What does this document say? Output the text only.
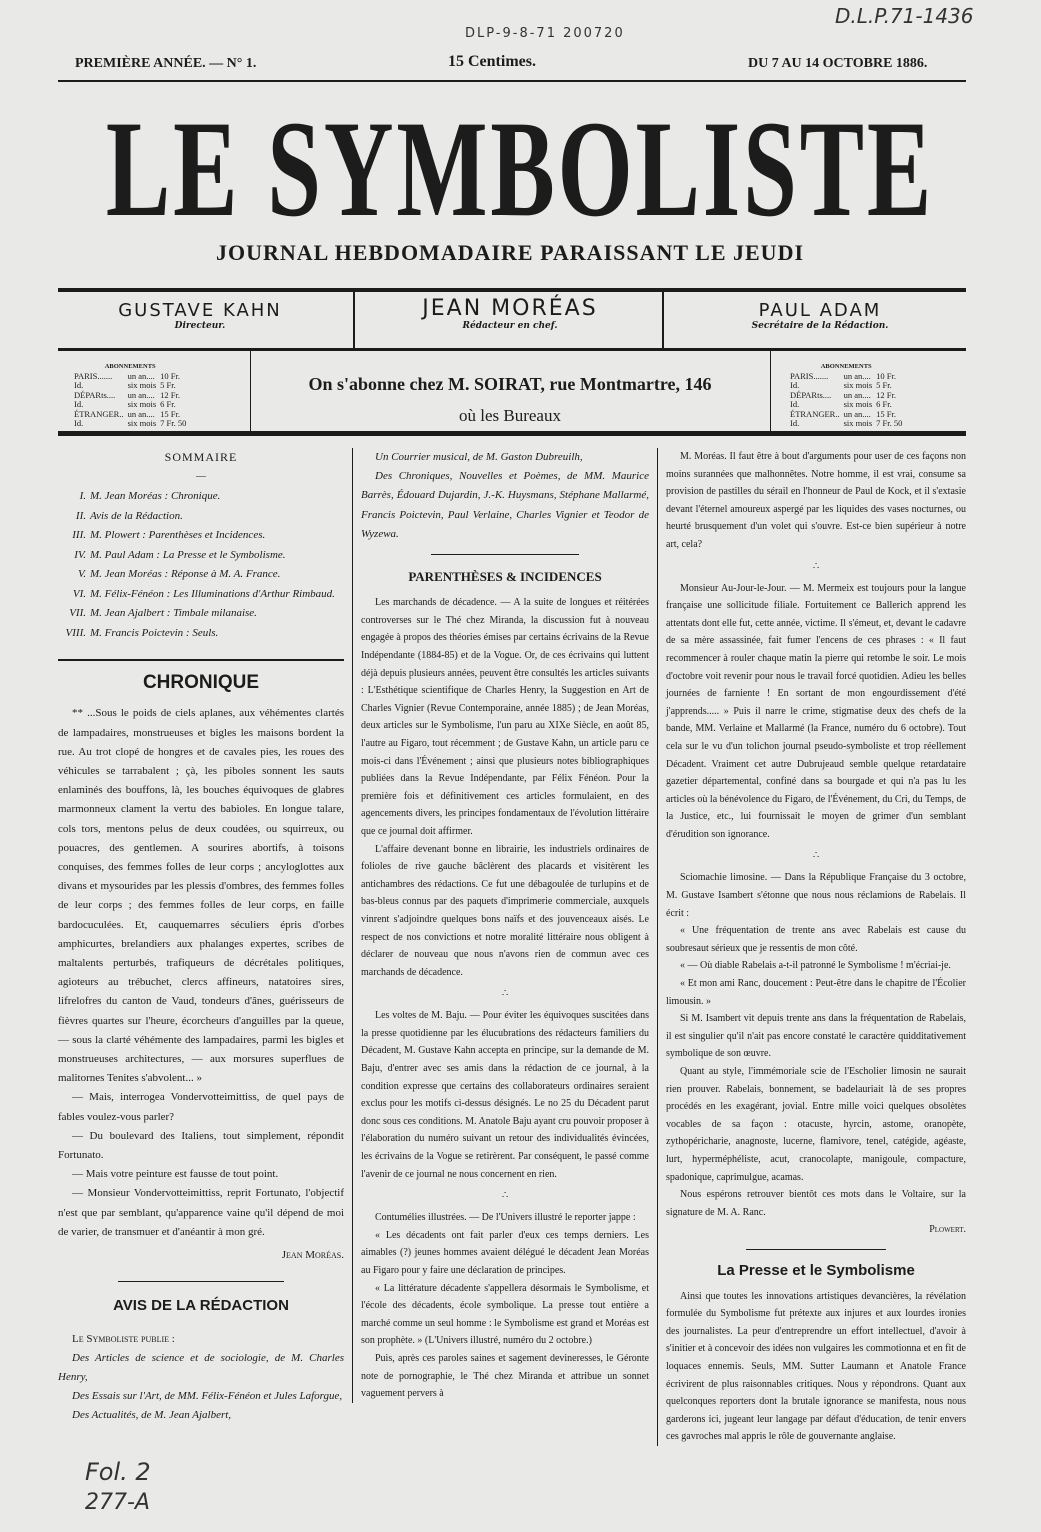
DLP-9-8-71 200720
D.L.P.71-1436
PREMIÈRE ANNÉE. — N° 1.	15 Centimes.	DU 7 AU 14 OCTOBRE 1886.
LE SYMBOLISTE
JOURNAL HEBDOMADAIRE PARAISSANT LE JEUDI
GUSTAVE KAHN
Directeur.
JEAN MORÉAS
Rédacteur en chef.
PAUL ADAM
Secrétaire de la Rédaction.
ABONNEMENTS
PARIS.......	un an....	10 Fr.
Id.	six mois	5 Fr.
DÉPARts....	un an....	12 Fr.
Id.	six mois	6 Fr.
ÉTRANGER..	un an....	15 Fr.
Id.	six mois	7 Fr. 50
On s'abonne chez M. SOIRAT, rue Montmartre, 146
où les Bureaux
ABONNEMENTS
PARIS.......	un an....	10 Fr.
Id.	six mois	5 Fr.
DÉPARts....	un an....	12 Fr.
Id.	six mois	6 Fr.
ÉTRANGER..	un an....	15 Fr.
Id.	six mois	7 Fr. 50
SOMMAIRE
—
I. M. Jean Moréas : Chronique.
II. Avis de la Rédaction.
III. M. Plowert : Parenthèses et Incidences.
IV. M. Paul Adam : La Presse et le Symbolisme.
V. M. Jean Moréas : Réponse à M. A. France.
VI. M. Félix-Fénéon : Les Illuminations d'Arthur Rimbaud.
VII. M. Jean Ajalbert : Timbale milanaise.
VIII. M. Francis Poictevin : Seuls.
CHRONIQUE

** ...Sous le poids de ciels aplanes, aux véhémentes clartés de lampadaires, monstrueuses et bigles les maisons bordent la rue. Au trot clopé de hongres et de cavales pies, les roues des véhicules se tarrabalent ; çà, les piboles sonnent les sauts enlaminés des bouffons, là, les bouches équivoques de glabres marmonneux clament la vertu des babioles. En longue talare, cols tors, mentons pelus de deux coudées, ou squirreux, ou pouacres, des gentlemen. A sourires abortifs, à toisons conquises, des femmes folles de leur corps ; ancyloglottes aux divans et mysourides par les plessis d'ombres, des femmes folles de leur corps ; des femmes folles de leur corps, en faille bardocuculées. Et, cauquemarres séculiers épris d'orbes amphicurtes, brelandiers aux phalanges expertes, scribes de maltalents perturbés, trafiqueurs de décrétales politiques, agioteurs au trébuchet, clercs affineurs, natatoires sires, lifrelofres du canton de Vaud, tondeurs d'ânes, guérisseurs de fièvres quartes sur l'heure, écorcheurs d'anguilles par la queue, — sous la clarté véhémente des lampadaires, parmi les bigles et monstrueuses architectures, — aux morsures superflues de malitornes Tenites s'abvolent... »

— Mais, interrogea Vondervotteimittiss, de quel pays de fables voulez-vous parler?

— Du boulevard des Italiens, tout simplement, répondit Fortunato.

— Mais votre peinture est fausse de tout point.

— Monsieur Vondervotteimittiss, reprit Fortunato, l'objectif n'est que par semblant, qu'apparence vaine qu'il dépend de moi de varier, de transmuer et d'anéantir à mon gré.

Jean Moréas.
AVIS DE LA RÉDACTION

Le Symboliste publie :

Des Articles de science et de sociologie, de M. Charles Henry,

Des Essais sur l'Art, de MM. Félix-Fénéon et Jules Laforgue,

Des Actualités, de M. Jean Ajalbert,

Un Courrier musical, de M. Gaston Dubreuilh,

Des Chroniques, Nouvelles et Poèmes, de MM. Maurice Barrès, Édouard Dujardin, J.-K. Huysmans, Stéphane Mallarmé, Francis Poictevin, Paul Verlaine, Charles Vignier et Teodor de Wyzewa.

PARENTHÈSES & INCIDENCES

Les marchands de décadence. — A la suite de longues et réitérées controverses sur le Thé chez Miranda, la discussion fut à nouveau engagée à propos des théories émises par certains écrivains de la Revue Indépendante (1884-85) et de la Vogue. Or, de ces écrivains qui luttent déjà depuis plusieurs années, peuvent être consultés les articles suivants : L'Esthétique scientifique de Charles Henry, la Suggestion en Art de Charles Vignier (Revue Contemporaine, année 1885) ; de Jean Moréas, deux articles sur le Symbolisme, l'un paru au XIXe Siècle, en août 85, l'autre au Figaro, tout récemment ; de Gustave Kahn, un article paru ce mois-ci dans l'Événement ; ainsi que plusieurs notes bibliographiques publiées dans la Revue Indépendante, par Félix Fénéon. Pour la première fois et définitivement ces articles formulaient, en des agencements divers, les principes fondamentaux de l'évolution littéraire que ce journal doit affirmer.

L'affaire devenant bonne en librairie, les industriels ordinaires de folioles de rive gauche bâclèrent des placards et visitèrent les antichambres des rédactions. Ce fut une débagoulée de turlupins et de bas-bleus connus par des paquets d'imprimerie commerciale, auxquels vinrent s'adjoindre quelques bons naïfs et des jouvenceaux aisés. Le respect de nos convictions et notre moralité littéraire nous obligent à déclarer de nouveau que nous n'avons rien de commun avec ces marchands de décadence.

∴

Les voltes de M. Baju. — Pour éviter les équivoques suscitées dans la presse quotidienne par les élucubrations des rédacteurs familiers du Décadent, M. Gustave Kahn accepta en principe, sur la demande de M. Baju, d'entrer avec ses amis dans la rédaction de ce journal, à la condition expresse que certains des collaborateurs ordinaires seraient exclus pour les motifs ci-dessus désignés. Le no 25 du Décadent parut donc sous ces conditions. M. Anatole Baju ayant cru pouvoir proposer à l'élaboration du numéro suivant un retour des individualités évincées, les écrivains de la Vogue se retirèrent. Par conséquent, le passé comme l'avenir de ce journal ne nous concernent en rien.

∴

Contumélies illustrées. — De l'Univers illustré le reporter jappe :

« Les décadents ont fait parler d'eux ces temps derniers. Les aimables (?) jeunes hommes avaient délégué le décadent Jean Moréas au Figaro pour y faire une déclaration de principes.

« La littérature décadente s'appellera désormais le Symbolisme, et l'école des décadents, école symbolique. La presse tout entière a marché comme un seul homme : le Symbolisme est grand et Moréas est son prophète. » (L'Univers illustré, numéro du 2 octobre.)

Puis, après ces paroles saines et sagement devineresses, le Géronte note de pornographie, le Thé chez Miranda et attribue un sonnet vaguement pervers à

M. Moréas. Il faut être à bout d'arguments pour user de ces façons non moins surannées que malhonnêtes. Notre homme, il est vrai, consume sa provision de pastilles du sérail en l'honneur de Paul de Kock, et il s'extasie devant l'éternel amoureux aspergé par les liquides des vases nocturnes, ou heurté brusquement d'un volet qui s'ouvre. Est-ce bien supérieur à notre art, cela?

∴

Monsieur Au-Jour-le-Jour. — M. Mermeix est toujours pour la langue française une sollicitude filiale. Fortuitement ce Ballerich apprend les attentats dont elle fut, cette année, victime. Il s'émeut, et, devant le cadavre de sa mère assassinée, fait fumer l'encens de ces phrases : « Il faut recommencer à rouler chaque matin la pierre qui retombe le soir. Le mois d'octobre voit revenir pour nous le travail forcé quotidien. Adieu les belles journées de farniente ! En sortant de mon engourdissement d'été j'apprends..... » Puis il narre le crime, stigmatise deux des chefs de la bande, MM. Verlaine et Mallarmé (la France, numéro du 6 octobre). Tout cela sur le vu d'un tolichon journal pseudo-symboliste et trop réellement Décadent. Vraiment cet autre Dubrujeaud semble quelque retardataire gazetier départemental, confiné dans sa bourgade et qui n'a pas lu les articles où la bénévolence du Figaro, de l'Événement, du Cri, du Temps, de la Justice, etc., lui fournissait le moyen de grimer d'un semblant d'érudition son ignorance.

∴

Sciomachie limosine. — Dans la République Française du 3 octobre, M. Gustave Isambert s'étonne que nous nous réclamions de Rabelais. Il écrit :

« Une fréquentation de trente ans avec Rabelais est cause du soubresaut sérieux que je ressentis de mon côté.

« — Où diable Rabelais a-t-il patronné le Symbolisme ! m'écriai-je.

« Et mon ami Ranc, doucement : Peut-être dans le chapitre de l'Écolier limousin. »

Si M. Isambert vit depuis trente ans dans la fréquentation de Rabelais, il est singulier qu'il n'ait pas encore constaté le caractère quidditativement symbolique de son œuvre.

Quant au style, l'immémoriale scie de l'Escholier limosin ne saurait rien prouver. Rabelais, bonnement, se badelauriait là de ses propres procédés en les exagérant, jovial. Entre mille voici quelques obsolètes vocables de sa façon : otacuste, hyrcin, astome, oranopète, zythopéricharie, anagnoste, lucerne, flamivore, tenel, catégide, agéaste, lurt, hyperméphéliste, acut, cranocolapte, manigoule, compacture, spadonique, caprimulgue, acamas.

Nous espérons retrouver bientôt ces mots dans le Voltaire, sur la signature de M. A. Ranc.

Plowert.
La Presse et le Symbolisme

Ainsi que toutes les innovations artistiques devancières, la révélation formulée du Symbolisme fut prétexte aux injures et aux lourdes ironies des journalistes. La peur d'entreprendre un effort intellectuel, d'avoir à s'initier et à concevoir des idées non vulgaires les commotionna et en fit de loquaces ennemis. Seuls, MM. Sutter Laumann et Anatole France écrivirent de plus raisonnables critiques. Nous y répondrons. Quant aux quelconques reporters dont la brutale ignorance se manifesta, nous nous garderons ici, jugeant leur langage par défaut d'éducation, de tenir envers ces gavroches mal appris le rôle de gouvernante anglaise.

Fol. 2
277-A
